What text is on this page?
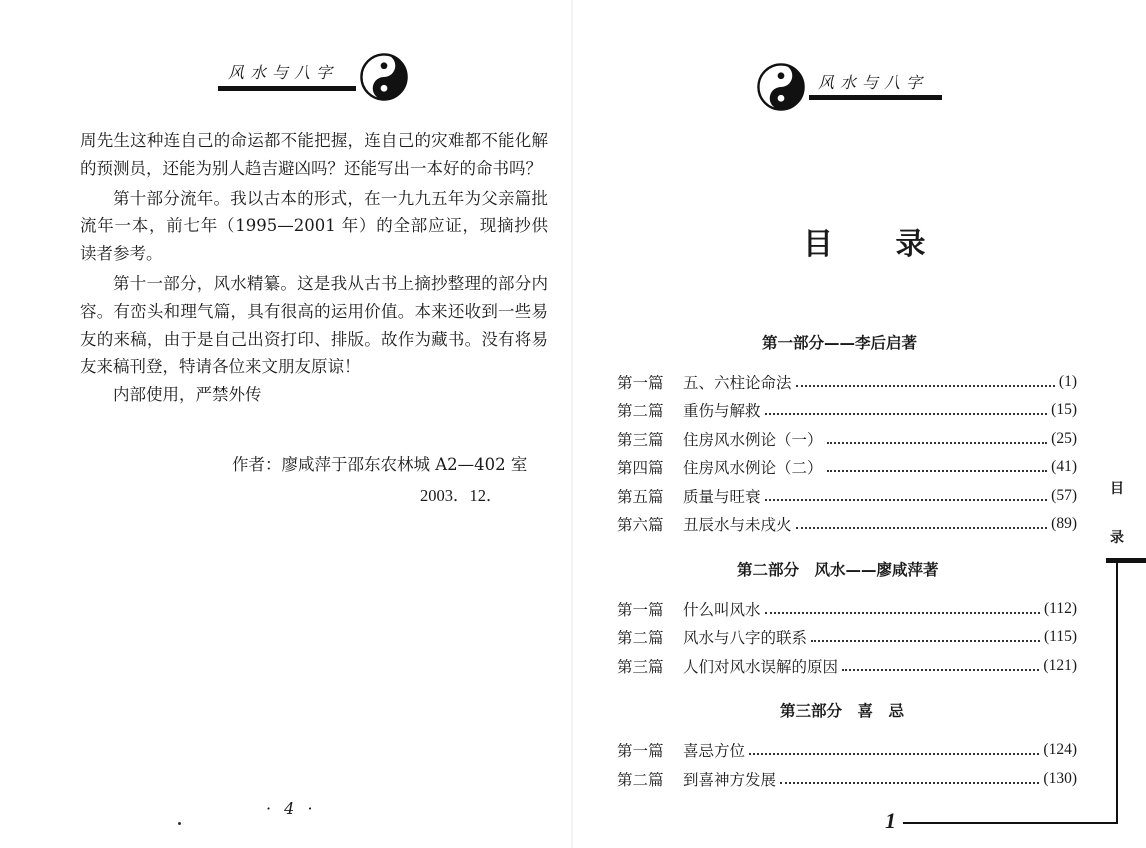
风水与八字

周先生这种连自己的命运都不能把握，连自己的灾难都不能化解的预测员，还能为别人趋吉避凶吗？还能写出一本好的命书吗？

第十部分流年。我以古本的形式，在一九九五年为父亲篇批流年一本，前七年（1995—2001 年）的全部应证，现摘抄供读者参考。

第十一部分，风水精纂。这是我从古书上摘抄整理的部分内容。有峦头和理气篇，具有很高的运用价值。本来还收到一些易友的来稿，由于是自己出资打印、排版。故作为藏书。没有将易友来稿刊登，特请各位来文朋友原谅！

内部使用，严禁外传

作者：廖咸萍于邵东农林城 A2—402 室
2003．12．
· 4 ·
风水与八字
目 录
第一部分——李后启著
第一篇	五、六柱论命法	(1)
第二篇	重伤与解救	(15)
第三篇	住房风水例论（一）	(25)
第四篇	住房风水例论（二）	(41)
第五篇	质量与旺衰	(57)
第六篇	丑辰水与未戌火	(89)
第二部分　风水——廖咸萍著
第一篇	什么叫风水	(112)
第二篇	风水与八字的联系	(115)
第三篇	人们对风水误解的原因	(121)
第三部分　喜　忌
第一篇	喜忌方位	(124)
第二篇	到喜神方发展	(130)
目
录
1
